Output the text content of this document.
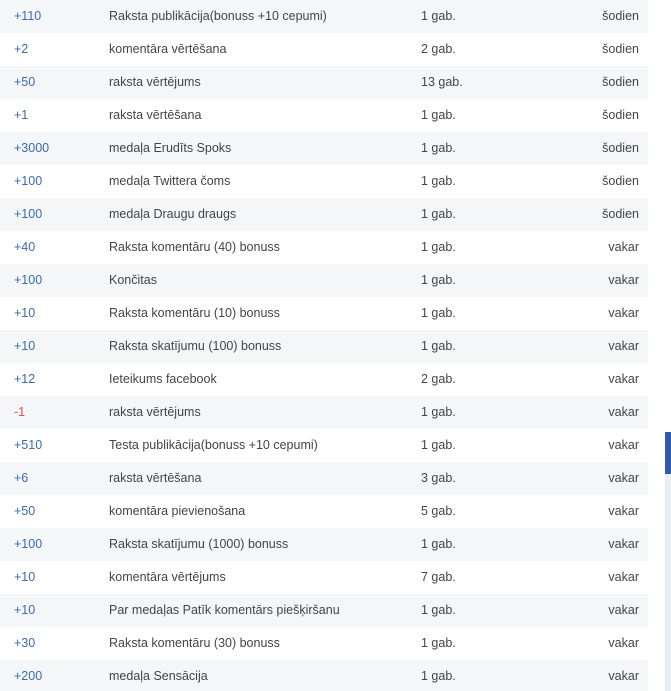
+110	Raksta publikācija(bonuss +10 cepumi)	1 gab.	šodien
+2	komentāra vērtēšana	2 gab.	šodien
+50	raksta vērtējums	13 gab.	šodien
+1	raksta vērtēšana	1 gab.	šodien
+3000	medaļa Erudīts Spoks	1 gab.	šodien
+100	medaļa Twittera čoms	1 gab.	šodien
+100	medaļa Draugu draugs	1 gab.	šodien
+40	Raksta komentāru (40) bonuss	1 gab.	vakar
+100	Končitas	1 gab.	vakar
+10	Raksta komentāru (10) bonuss	1 gab.	vakar
+10	Raksta skatījumu (100) bonuss	1 gab.	vakar
+12	Ieteikums facebook	2 gab.	vakar
-1	raksta vērtējums	1 gab.	vakar
+510	Testa publikācija(bonuss +10 cepumi)	1 gab.	vakar
+6	raksta vērtēšana	3 gab.	vakar
+50	komentāra pievienošana	5 gab.	vakar
+100	Raksta skatījumu (1000) bonuss	1 gab.	vakar
+10	komentāra vērtējums	7 gab.	vakar
+10	Par medaļas Patīk komentārs piešķiršanu	1 gab.	vakar
+30	Raksta komentāru (30) bonuss	1 gab.	vakar
+200	medaļa Sensācija	1 gab.	vakar
